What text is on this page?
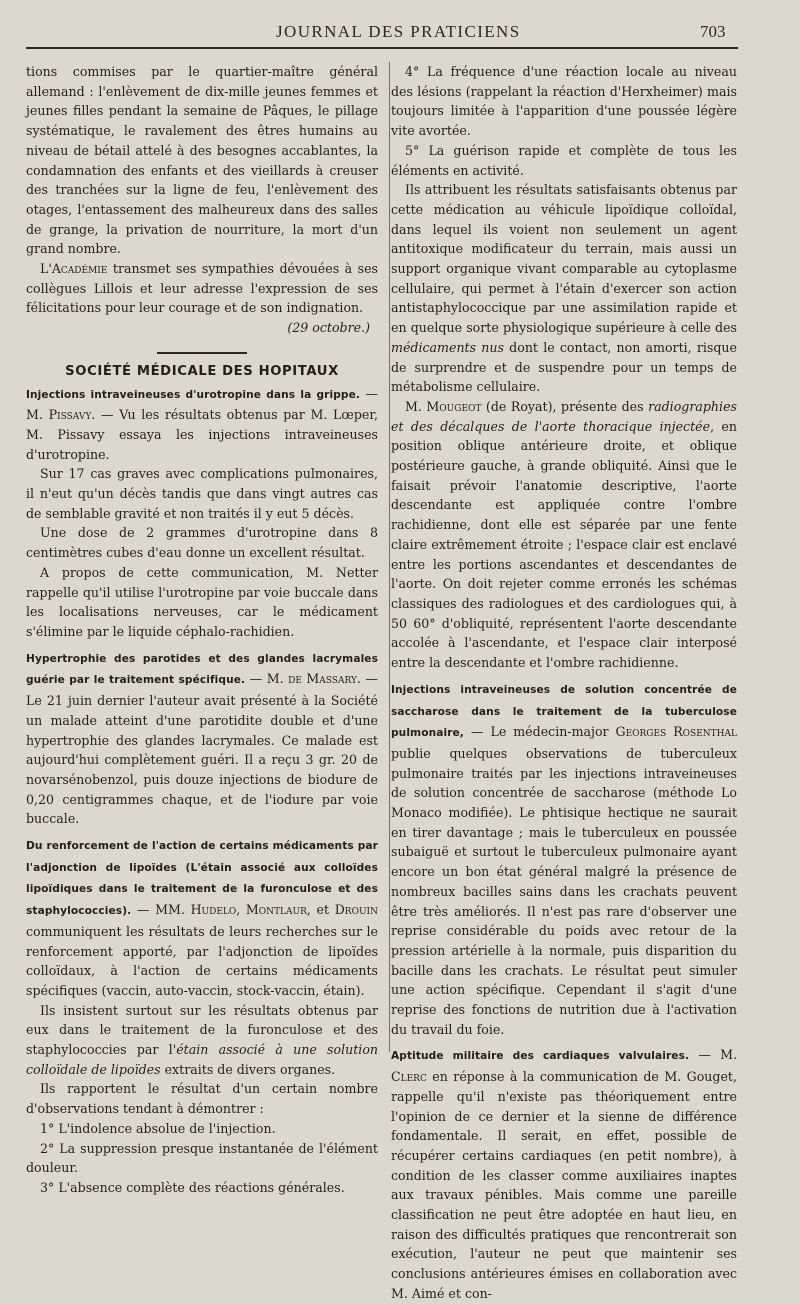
JOURNAL DES PRATICIENS	703

tions commises par le quartier-maître général allemand : l'enlèvement de dix-mille jeunes femmes et jeunes filles pendant la semaine de Pâques, le pillage systématique, le ravalement des êtres humains au niveau de bétail attelé à des besognes accablantes, la condamnation des enfants et des vieillards à creuser des tranchées sur la ligne de feu, l'enlèvement des otages, l'entassement des malheureux dans des salles de grange, la privation de nourriture, la mort d'un grand nombre.

L'Académie transmet ses sympathies dévouées à ses collègues Lillois et leur adresse l'expression de ses félicitations pour leur courage et de son indignation.

(29 octobre.)

SOCIÉTÉ MÉDICALE DES HOPITAUX

Injections intraveineuses d'urotropine dans la grippe. — M. Pissavy. — Vu les résultats obtenus par M. Lœper, M. Pissavy essaya les injections intraveineuses d'urotropine.

Sur 17 cas graves avec complications pulmonaires, il n'eut qu'un décès tandis que dans vingt autres cas de semblable gravité et non traités il y eut 5 décès.

Une dose de 2 grammes d'urotropine dans 8 centimètres cubes d'eau donne un excellent résultat.

A propos de cette communication, M. Netter rappelle qu'il utilise l'urotropine par voie buccale dans les localisations nerveuses, car le médicament s'élimine par le liquide céphalo-rachidien.

Hypertrophie des parotides et des glandes lacrymales guérie par le traitement spécifique. — M. de Massary. — Le 21 juin dernier l'auteur avait présenté à la Société un malade atteint d'une parotidite double et d'une hypertrophie des glandes lacrymales. Ce malade est aujourd'hui complètement guéri. Il a reçu 3 gr. 20 de novarsénobenzol, puis douze injections de biodure de 0,20 centigrammes chaque, et de l'iodure par voie buccale.

Du renforcement de l'action de certains médicaments par l'adjonction de lipoïdes (L'étain associé aux colloïdes lipoïdiques dans le traitement de la furonculose et des staphylococcies). — MM. Hudelo, Montlaur, et Drouin communiquent les résultats de leurs recherches sur le renforcement apporté, par l'adjonction de lipoïdes colloïdaux, à l'action de certains médicaments spécifiques (vaccin, auto-vaccin, stock-vaccin, étain).

Ils insistent surtout sur les résultats obtenus par eux dans le traitement de la furonculose et des staphylococcies par l'étain associé à une solution colloïdale de lipoïdes extraits de divers organes.

Ils rapportent le résultat d'un certain nombre d'observations tendant à démontrer :

1° L'indolence absolue de l'injection.

2° La suppression presque instantanée de l'élément douleur.

3° L'absence complète des réactions générales.

4° La fréquence d'une réaction locale au niveau des lésions (rappelant la réaction d'Herxheimer) mais toujours limitée à l'apparition d'une poussée légère vite avortée.

5° La guérison rapide et complète de tous les éléments en activité.

Ils attribuent les résultats satisfaisants obtenus par cette médication au véhicule lipoïdique colloïdal, dans lequel ils voient non seulement un agent antitoxique modificateur du terrain, mais aussi un support organique vivant comparable au cytoplasme cellulaire, qui permet à l'étain d'exercer son action antistaphylococcique par une assimilation rapide et en quelque sorte physiologique supérieure à celle des médicaments nus dont le contact, non amorti, risque de surprendre et de suspendre pour un temps de métabolisme cellulaire.

M. Mougeot (de Royat), présente des radiographies et des décalques de l'aorte thoracique injectée, en position oblique antérieure droite, et oblique postérieure gauche, à grande obliquité. Ainsi que le faisait prévoir l'anatomie descriptive, l'aorte descendante est appliquée contre l'ombre rachidienne, dont elle est séparée par une fente claire extrêmement étroite ; l'espace clair est enclavé entre les portions ascendantes et descendantes de l'aorte. On doit rejeter comme erronés les schémas classiques des radiologues et des cardiologues qui, à 50 60° d'obliquité, représentent l'aorte descendante accolée à l'ascendante, et l'espace clair interposé entre la descendante et l'ombre rachidienne.

Injections intraveineuses de solution concentrée de saccharose dans le traitement de la tuberculose pulmonaire, — Le médecin-major Georges Rosenthal publie quelques observations de tuberculeux pulmonaire traités par les injections intraveineuses de solution concentrée de saccharose (méthode Lo Monaco modifiée). Le phtisique hectique ne saurait en tirer davantage ; mais le tuberculeux en poussée subaiguë et surtout le tuberculeux pulmonaire ayant encore un bon état général malgré la présence de nombreux bacilles sains dans les crachats peuvent être très améliorés. Il n'est pas rare d'observer une reprise considérable du poids avec retour de la pression artérielle à la normale, puis disparition du bacille dans les crachats. Le résultat peut simuler une action spécifique. Cependant il s'agit d'une reprise des fonctions de nutrition due à l'activation du travail du foie.

Aptitude militaire des cardiaques valvulaires. — M. Clerc en réponse à la communication de M. Gouget, rappelle qu'il n'existe pas théoriquement entre l'opinion de ce dernier et la sienne de différence fondamentale. Il serait, en effet, possible de récupérer certains cardiaques (en petit nombre), à condition de les classer comme auxiliaires inaptes aux travaux pénibles. Mais comme une pareille classification ne peut être adoptée en haut lieu, en raison des difficultés pratiques que rencontrerait son exécution, l'auteur ne peut que maintenir ses conclusions antérieures émises en collaboration avec M. Aimé et con-
